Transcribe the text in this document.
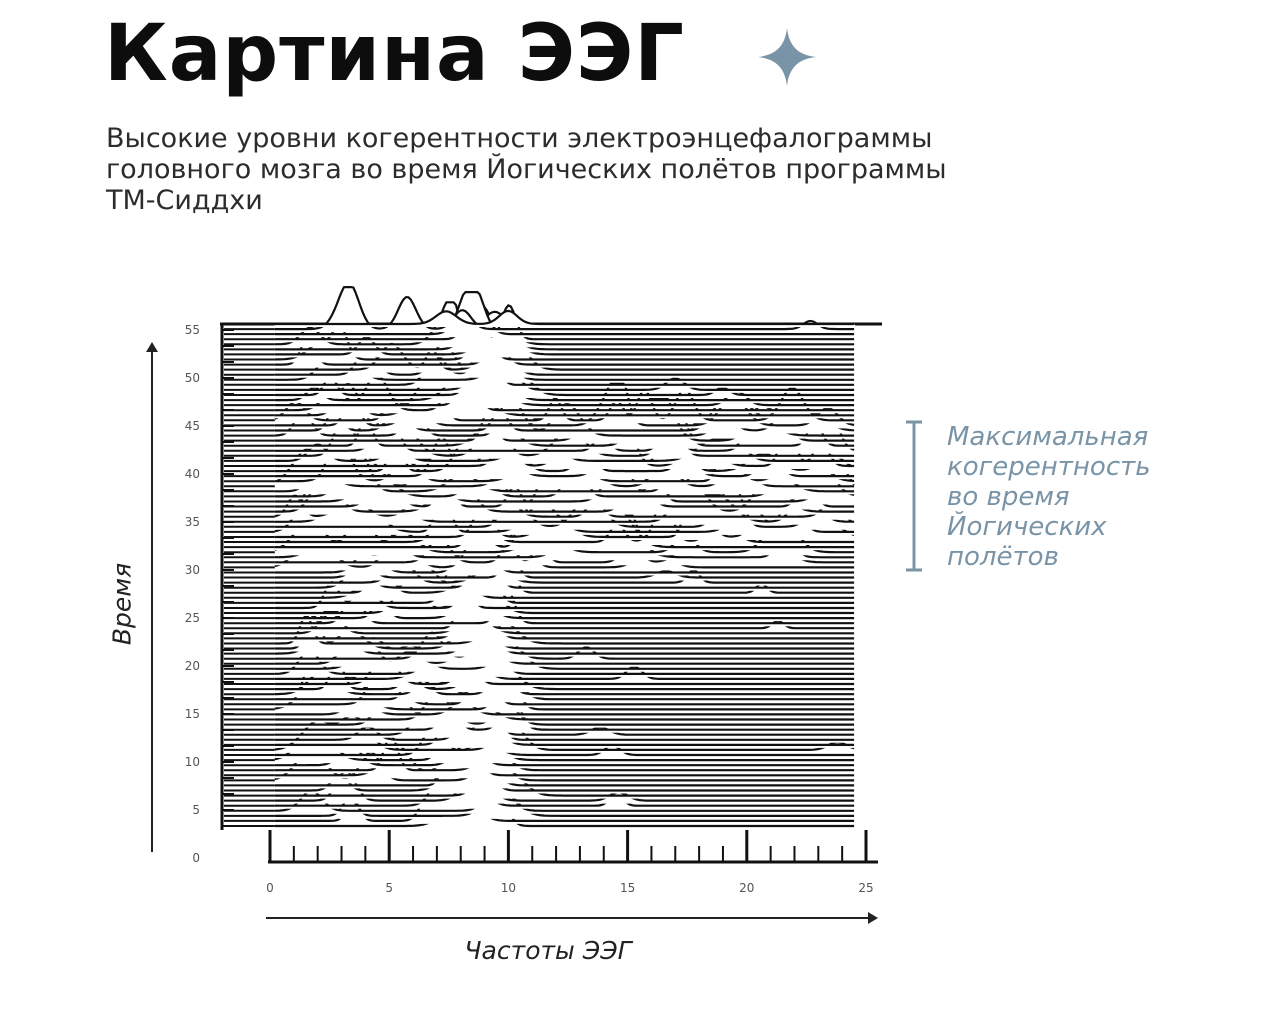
Картина ЭЭГ

Высокие уровни когерентности электроэнцефалограммы
головного мозга во время Йогических полётов программы
ТМ-Сиддхи

0	5	10	15	20	25
0
5
10
15
20
25
30
35
40
45
50
55
Время
Частоты ЭЭГ

Максимальная
когерентность
во время
Йогических
полётов
